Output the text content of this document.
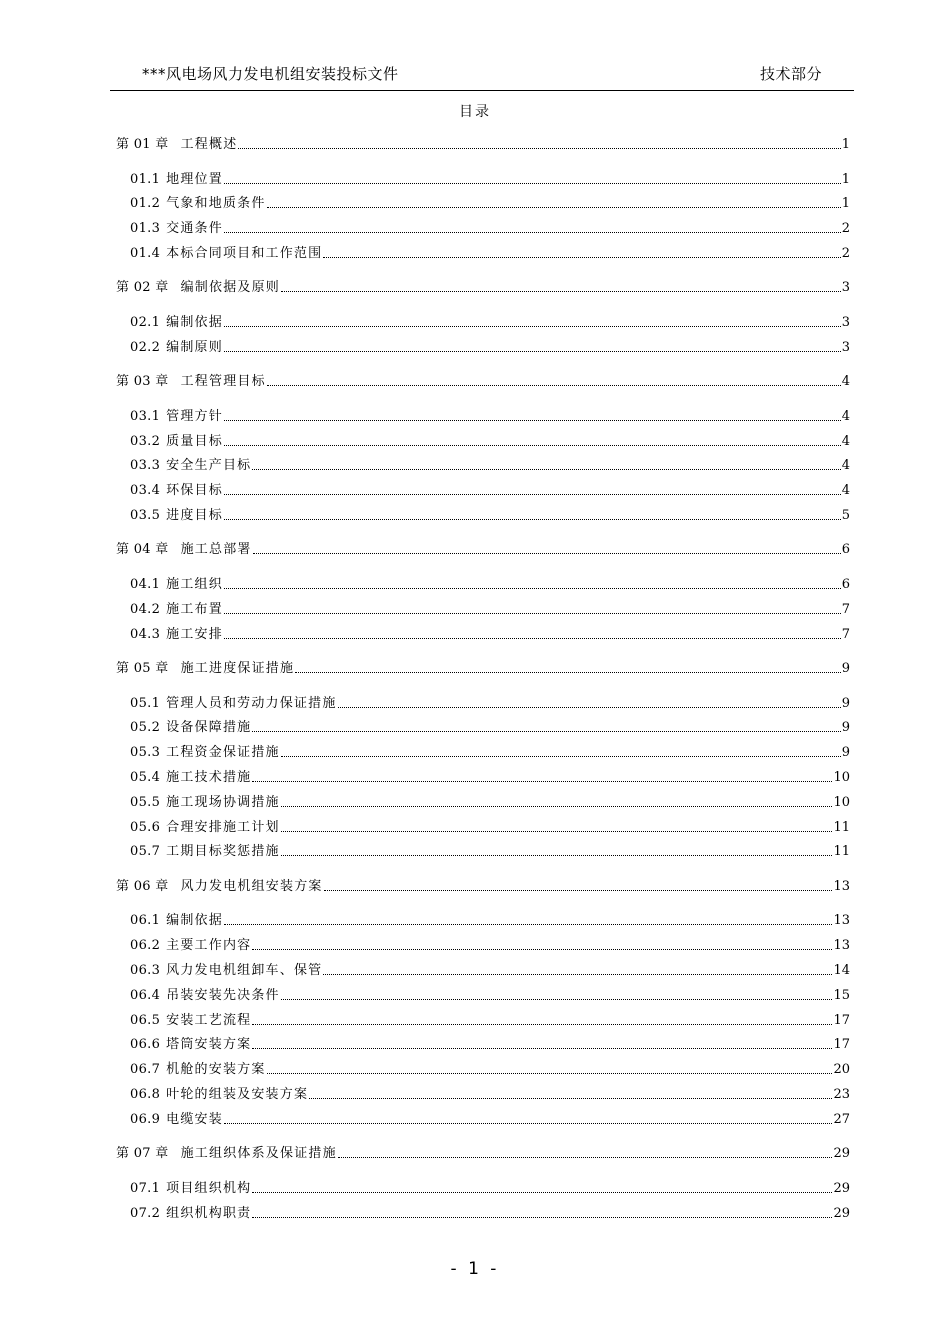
***风电场风力发电机组安装投标文件	技术部分
目录
第 01 章 工程概述	1
01.1 地理位置	1
01.2 气象和地质条件	1
01.3 交通条件	2
01.4 本标合同项目和工作范围	2
第 02 章 编制依据及原则	3
02.1 编制依据	3
02.2 编制原则	3
第 03 章 工程管理目标	4
03.1 管理方针	4
03.2 质量目标	4
03.3 安全生产目标	4
03.4 环保目标	4
03.5 进度目标	5
第 04 章 施工总部署	6
04.1 施工组织	6
04.2 施工布置	7
04.3 施工安排	7
第 05 章 施工进度保证措施	9
05.1 管理人员和劳动力保证措施	9
05.2 设备保障措施	9
05.3 工程资金保证措施	9
05.4 施工技术措施	10
05.5 施工现场协调措施	10
05.6 合理安排施工计划	11
05.7 工期目标奖惩措施	11
第 06 章 风力发电机组安装方案	13
06.1 编制依据	13
06.2 主要工作内容	13
06.3 风力发电机组卸车、保管	14
06.4 吊装安装先决条件	15
06.5 安装工艺流程	17
06.6 塔筒安装方案	17
06.7 机舱的安装方案	20
06.8 叶轮的组装及安装方案	23
06.9 电缆安装	27
第 07 章 施工组织体系及保证措施	29
07.1 项目组织机构	29
07.2 组织机构职责	29
- 1 -
